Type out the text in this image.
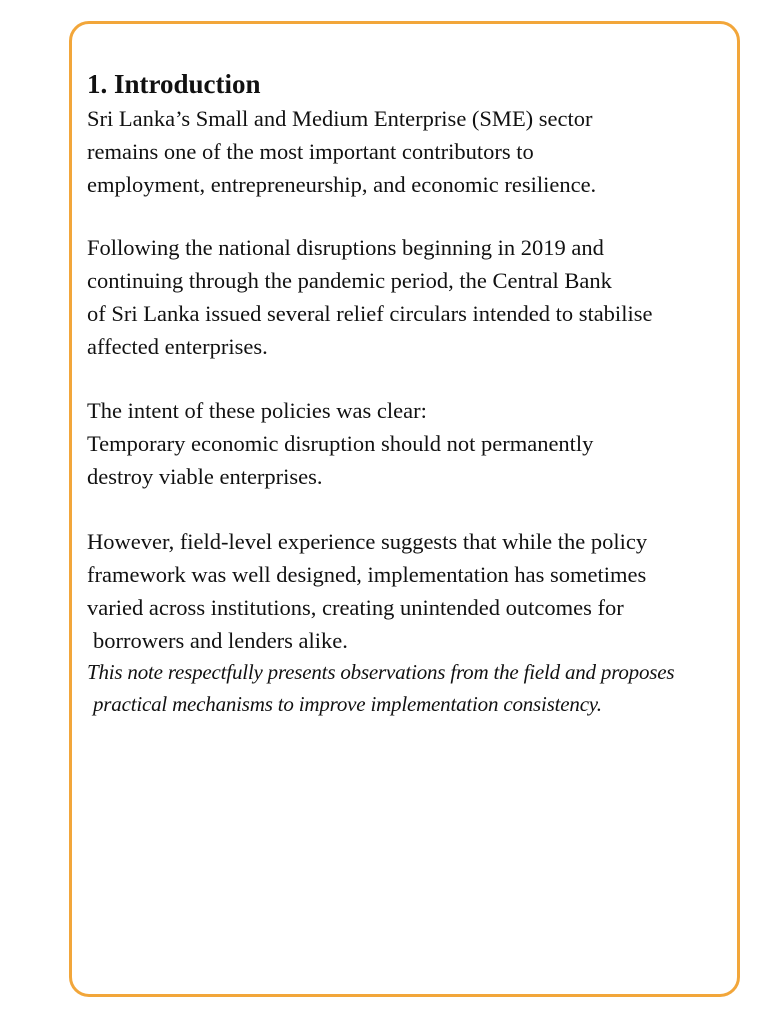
1. Introduction

Sri Lanka’s Small and Medium Enterprise (SME) sector

remains one of the most important contributors to

employment, entrepreneurship, and economic resilience.

Following the national disruptions beginning in 2019 and

continuing through the pandemic period, the Central Bank

of Sri Lanka issued several relief circulars intended to stabilise

affected enterprises.

The intent of these policies was clear:

Temporary economic disruption should not permanently

destroy viable enterprises.

However, field-level experience suggests that while the policy

framework was well designed, implementation has sometimes

varied across institutions, creating unintended outcomes for

borrowers and lenders alike.

This note respectfully presents observations from the field and proposes

practical mechanisms to improve implementation consistency.
